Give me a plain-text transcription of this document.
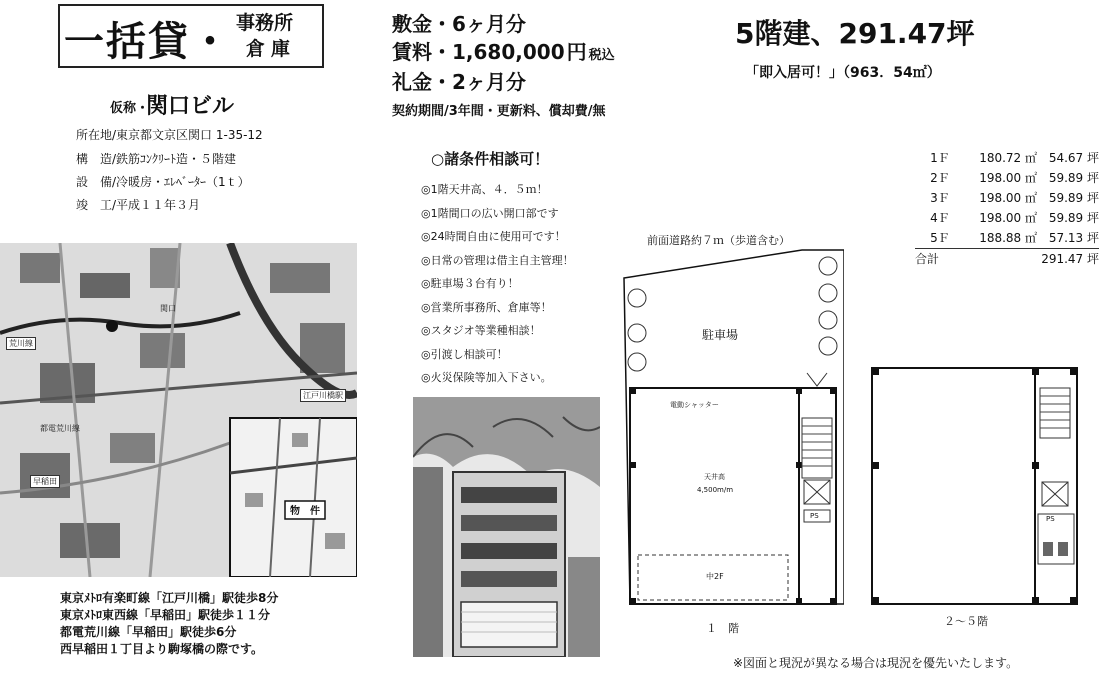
一括貸・ 事務所
倉庫
敷金・6ヶ月分
賃料・1,680,000 円 税込
礼金・2ヶ月分
契約期間/3年間・更新料、償却費/無
5階建、291.47坪
「即入居可！」（963．54㎡）
仮称・
関口ビル
所在地/東京都文京区関口 1-35-12
構　造/鉄筋ｺﾝｸﾘｰﾄ造・５階建
設　備/冷暖房・ｴﾚﾍﾞｰﾀｰ（1ｔ）
竣　工/平成１１年３月
江戸川橋駅
早稲田
荒川線
物　件
関口
都電荒川線
東京ﾒﾄﾛ有楽町線「江戸川橋」駅徒歩8分
東京ﾒﾄﾛ東西線「早稲田」駅徒歩１１分
都電荒川線「早稲田」駅徒歩6分
西早稲田１丁目より駒塚橋の際です。
○諸条件相談可！
◎1階天井高、４．５ｍ！
◎1階間口の広い開口部です
◎24時間自由に使用可です！
◎日常の管理は借主自主管理！
◎駐車場３台有り！
◎営業所事務所、倉庫等！
◎スタジオ等業種相談！
◎引渡し相談可！
◎火災保険等加入下さい。
1Ｆ	180.72 ㎡ 54.67 坪
2Ｆ	198.00 ㎡ 59.89 坪
3Ｆ	198.00 ㎡ 59.89 坪
4Ｆ	198.00 ㎡ 59.89 坪
5Ｆ	188.88 ㎡ 57.13 坪
合計	291.47 坪
前面道路約７ｍ（歩道含む）
駐車場
電動シャッター
天井高
4,500m/m
中2F
PS
１　階
PS
２～５階
※図面と現況が異なる場合は現況を優先いたします。
